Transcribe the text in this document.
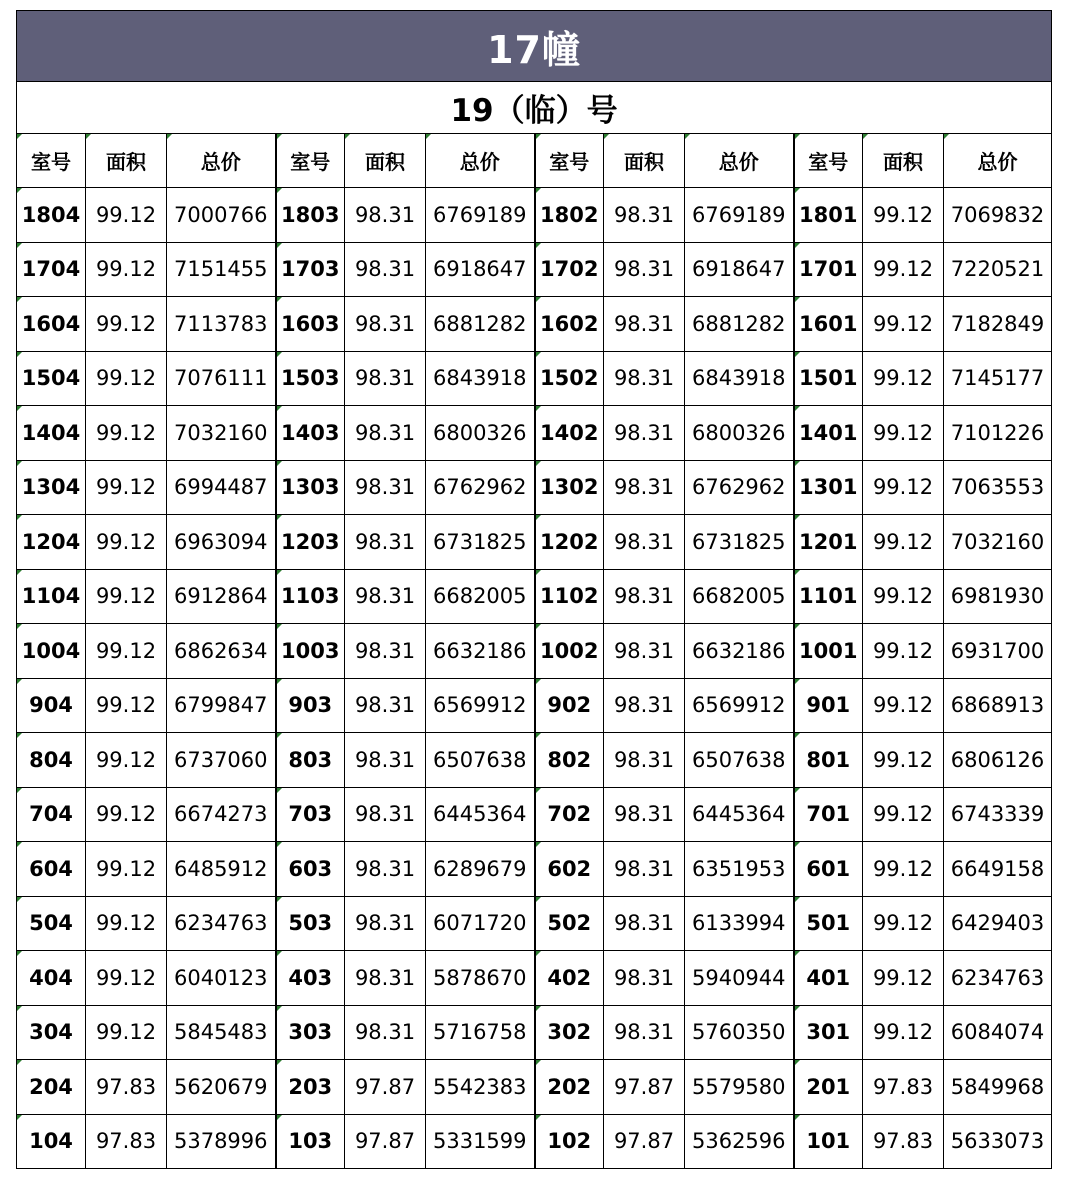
17幢											
19（临）号											
室号	面积	总价	室号	面积	总价	室号	面积	总价	室号	面积	总价
1804	99.12	7000766	1803	98.31	6769189	1802	98.31	6769189	1801	99.12	7069832
1704	99.12	7151455	1703	98.31	6918647	1702	98.31	6918647	1701	99.12	7220521
1604	99.12	7113783	1603	98.31	6881282	1602	98.31	6881282	1601	99.12	7182849
1504	99.12	7076111	1503	98.31	6843918	1502	98.31	6843918	1501	99.12	7145177
1404	99.12	7032160	1403	98.31	6800326	1402	98.31	6800326	1401	99.12	7101226
1304	99.12	6994487	1303	98.31	6762962	1302	98.31	6762962	1301	99.12	7063553
1204	99.12	6963094	1203	98.31	6731825	1202	98.31	6731825	1201	99.12	7032160
1104	99.12	6912864	1103	98.31	6682005	1102	98.31	6682005	1101	99.12	6981930
1004	99.12	6862634	1003	98.31	6632186	1002	98.31	6632186	1001	99.12	6931700
904	99.12	6799847	903	98.31	6569912	902	98.31	6569912	901	99.12	6868913
804	99.12	6737060	803	98.31	6507638	802	98.31	6507638	801	99.12	6806126
704	99.12	6674273	703	98.31	6445364	702	98.31	6445364	701	99.12	6743339
604	99.12	6485912	603	98.31	6289679	602	98.31	6351953	601	99.12	6649158
504	99.12	6234763	503	98.31	6071720	502	98.31	6133994	501	99.12	6429403
404	99.12	6040123	403	98.31	5878670	402	98.31	5940944	401	99.12	6234763
304	99.12	5845483	303	98.31	5716758	302	98.31	5760350	301	99.12	6084074
204	97.83	5620679	203	97.87	5542383	202	97.87	5579580	201	97.83	5849968
104	97.83	5378996	103	97.87	5331599	102	97.87	5362596	101	97.83	5633073
